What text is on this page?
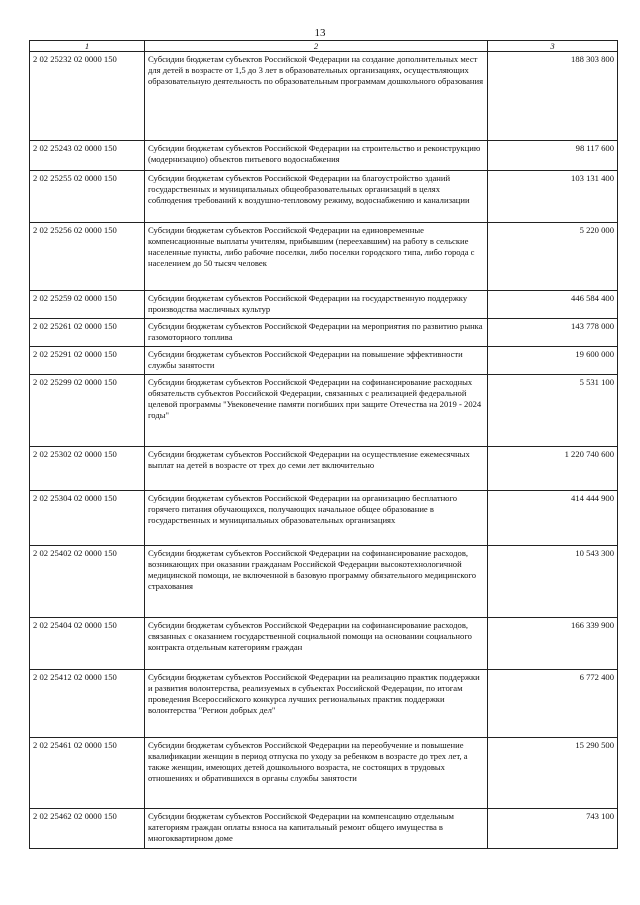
13
1	2	3
2 02 25232 02 0000 150	Субсидии бюджетам субъектов Российской Федерации на создание дополнительных мест для детей в возрасте от 1,5 до 3 лет в образовательных организациях, осуществляющих образовательную деятельность по образовательным программам дошкольного образования	188 303 800
2 02 25243 02 0000 150	Субсидии бюджетам субъектов Российской Федерации на строительство и реконструкцию (модернизацию) объектов питьевого водоснабжения	98 117 600
2 02 25255 02 0000 150	Субсидии бюджетам субъектов Российской Федерации на благоустройство зданий государственных и муниципальных общеобразовательных организаций в целях соблюдения требований к воздушно-тепловому режиму, водоснабжению и канализации	103 131 400
2 02 25256 02 0000 150	Субсидии бюджетам субъектов Российской Федерации на единовременные компенсационные выплаты учителям, прибывшим (переехавшим) на работу в сельские населенные пункты, либо рабочие поселки, либо поселки городского типа, либо города с населением до 50 тысяч человек	5 220 000
2 02 25259 02 0000 150	Субсидии бюджетам субъектов Российской Федерации на государственную поддержку производства масличных культур	446 584 400
2 02 25261 02 0000 150	Субсидии бюджетам субъектов Российской Федерации на мероприятия по развитию рынка газомоторного топлива	143 778 000
2 02 25291 02 0000 150	Субсидии бюджетам субъектов Российской Федерации на повышение эффективности службы занятости	19 600 000
2 02 25299 02 0000 150	Субсидии бюджетам субъектов Российской Федерации на софинансирование расходных обязательств субъектов Российской Федерации, связанных с реализацией федеральной целевой программы "Увековечение памяти погибших при защите Отечества на 2019 - 2024 годы"	5 531 100
2 02 25302 02 0000 150	Субсидии бюджетам субъектов Российской Федерации на осуществление ежемесячных выплат на детей в возрасте от трех до семи лет включительно	1 220 740 600
2 02 25304 02 0000 150	Субсидии бюджетам субъектов Российской Федерации на организацию бесплатного горячего питания обучающихся, получающих начальное общее образование в государственных и муниципальных образовательных организациях	414 444 900
2 02 25402 02 0000 150	Субсидии бюджетам субъектов Российской Федерации на софинансирование расходов, возникающих при оказании гражданам Российской Федерации высокотехнологичной медицинской помощи, не включенной в базовую программу обязательного медицинского страхования	10 543 300
2 02 25404 02 0000 150	Субсидии бюджетам субъектов Российской Федерации на софинансирование расходов, связанных с оказанием государственной социальной помощи на основании социального контракта отдельным категориям граждан	166 339 900
2 02 25412 02 0000 150	Субсидии бюджетам субъектов Российской Федерации на реализацию практик поддержки и развития волонтерства, реализуемых в субъектах Российской Федерации, по итогам проведения Всероссийского конкурса лучших региональных практик поддержки волонтерства "Регион добрых дел"	6 772 400
2 02 25461 02 0000 150	Субсидии бюджетам субъектов Российской Федерации на переобучение и повышение квалификации женщин в период отпуска по уходу за ребенком в возрасте до трех лет, а также женщин, имеющих детей дошкольного возраста, не состоящих в трудовых отношениях и обратившихся в органы службы занятости	15 290 500
2 02 25462 02 0000 150	Субсидии бюджетам субъектов Российской Федерации на компенсацию отдельным категориям граждан оплаты взноса на капитальный ремонт общего имущества в многоквартирном доме	743 100
